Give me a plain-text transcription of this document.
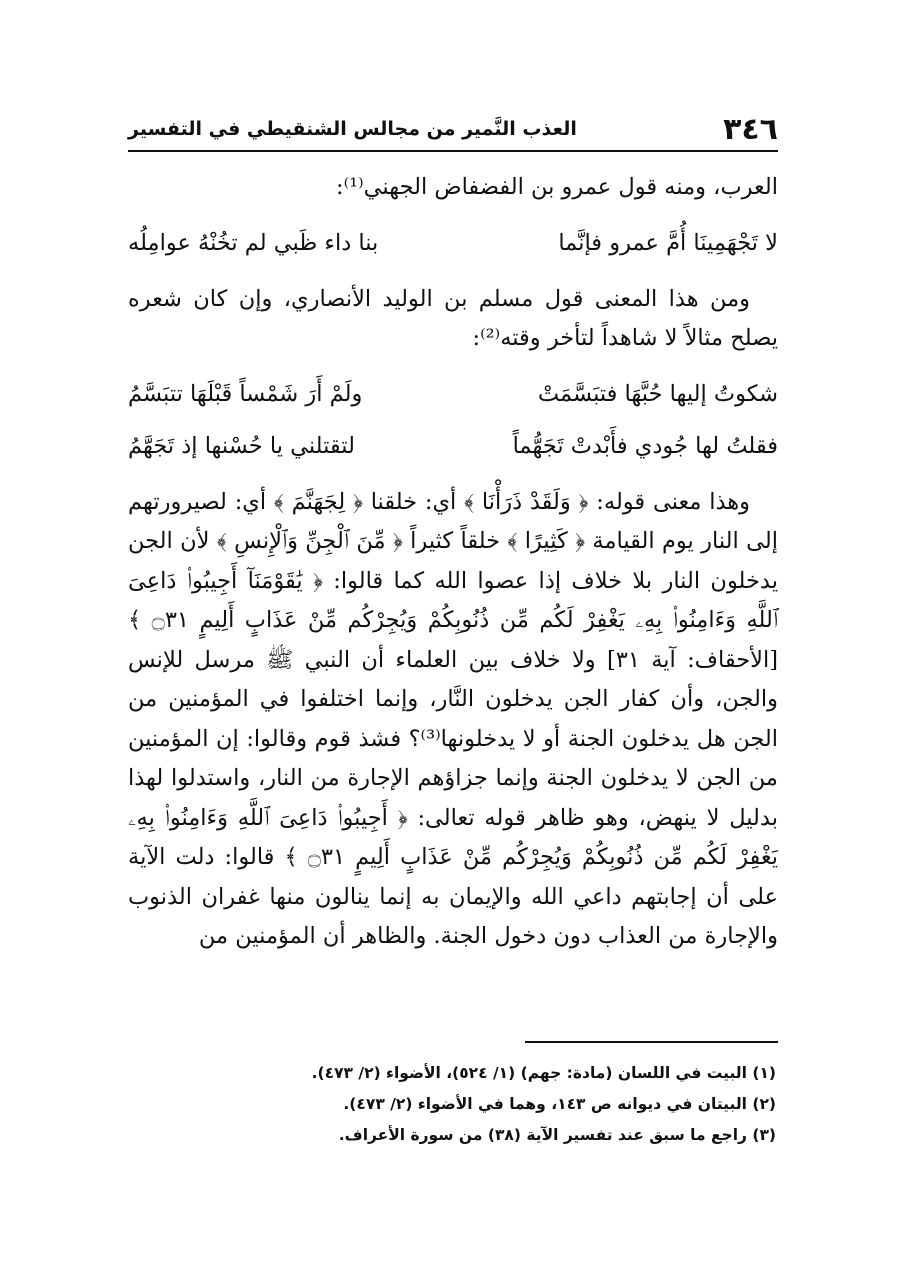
٣٤٦
العذب النَّمير من مجالس الشنقيطي في التفسير

العرب، ومنه قول عمرو بن الفضفاض الجهني⁽¹⁾:

لا تَجْهَمِينَا أُمَّ عمرو فإنَّما
بنا داء ظَبي لم تخُنْهُ عوامِلُه

ومن هذا المعنى قول مسلم بن الوليد الأنصاري، وإن كان شعره يصلح مثالاً لا شاهداً لتأخر وقته⁽²⁾:

شكوتُ إليها حُبَّهَا فتبَسَّمَتْ
ولَمْ أَرَ شَمْساً قَبْلَهَا تتبَسَّمُ
فقلتُ لها جُودي فأَبْدتْ تَجَهُّماً
لتقتلني يا حُسْنها إذ تَجَهَّمُ

وهذا معنى قوله: ﴿ وَلَقَدْ ذَرَأْنَا ﴾ أي: خلقنا ﴿ لِجَهَنَّمَ ﴾ أي: لصيرورتهم إلى النار يوم القيامة ﴿ كَثِيرًا ﴾ خلقاً كثيراً ﴿ مِّنَ ٱلْجِنِّ وَٱلْإِنسِ ﴾ لأن الجن يدخلون النار بلا خلاف إذا عصوا الله كما قالوا: ﴿ يَٰقَوْمَنَآ أَجِيبُوا۟ دَاعِىَ ٱللَّهِ وَءَامِنُوا۟ بِهِۦ يَغْفِرْ لَكُم مِّن ذُنُوبِكُمْ وَيُجِرْكُم مِّنْ عَذَابٍ أَلِيمٍ ۝٣١ ﴾ [الأحقاف: آية ٣١] ولا خلاف بين العلماء أن النبي ﷺ مرسل للإنس والجن، وأن كفار الجن يدخلون النَّار، وإنما اختلفوا في المؤمنين من الجن هل يدخلون الجنة أو لا يدخلونها⁽³⁾؟ فشذ قوم وقالوا: إن المؤمنين من الجن لا يدخلون الجنة وإنما جزاؤهم الإجارة من النار، واستدلوا لهذا بدليل لا ينهض، وهو ظاهر قوله تعالى: ﴿ أَجِيبُوا۟ دَاعِىَ ٱللَّهِ وَءَامِنُوا۟ بِهِۦ يَغْفِرْ لَكُم مِّن ذُنُوبِكُمْ وَيُجِرْكُم مِّنْ عَذَابٍ أَلِيمٍ ۝٣١ ﴾ قالوا: دلت الآية على أن إجابتهم داعي الله والإيمان به إنما ينالون منها غفران الذنوب والإجارة من العذاب دون دخول الجنة. والظاهر أن المؤمنين من

(١) البيت في اللسان (مادة: جهم) (١/ ٥٢٤)، الأضواء (٢/ ٤٧٣).
(٢) البيتان في ديوانه ص ١٤٣، وهما في الأضواء (٢/ ٤٧٣).
(٣) راجع ما سبق عند تفسير الآية (٣٨) من سورة الأعراف.
